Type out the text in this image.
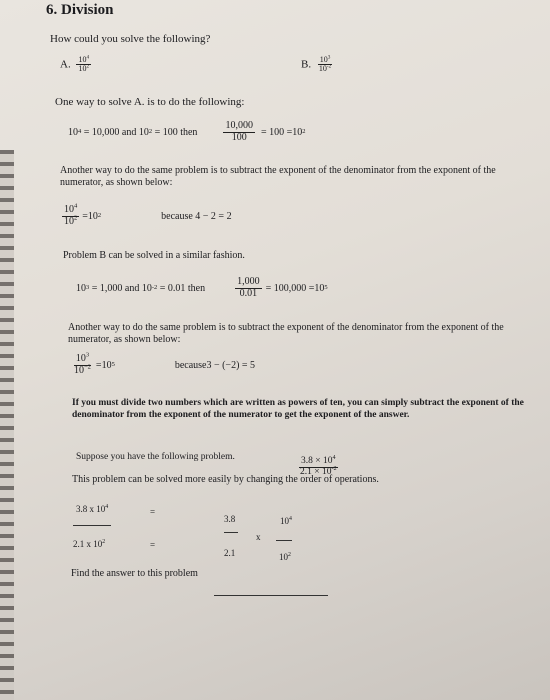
6. Division
How could you solve the following?
A. $\frac{10^4}{10^2}$	B. $\frac{10^3}{10^{-2}}$
One way to solve A. is to do the following:
10 4 = 10,000 and 10 2 = 100 then	$\frac{10,000}{100} = 100 = 10$ 2
Another way to do the same problem is to subtract the exponent of the denominator from the exponent of the numerator, as shown below:
$\frac{10^4}{10^2} = 10$ 2	because 4 − 2 = 2
Problem B can be solved in a similar fashion.
10 3 = 1,000 and 10 -2 = 0.01 then	$\frac{1,000}{0.01} = 100,000 = 10$ 5
Another way to do the same problem is to subtract the exponent of the denominator from the exponent of the numerator, as shown below:
$\frac{10^3}{10^{-2}} = 10$ 5	because3 − (−2) = 5
If you must divide two numbers which are written as powers of ten, you can simply subtract the exponent of the denominator from the exponent of the numerator to get the exponent of the answer.
Suppose you have the following problem.	$\frac{3.8 \times 10^4}{2.1 \times 10^{-2}}$
This problem can be solved more easily by changing the order of operations.
3.8 x $10^4$
2.1 x $10^2$
=
=
3.8
2.1
x
$10^4$
$10^2$
Find the answer to this problem
